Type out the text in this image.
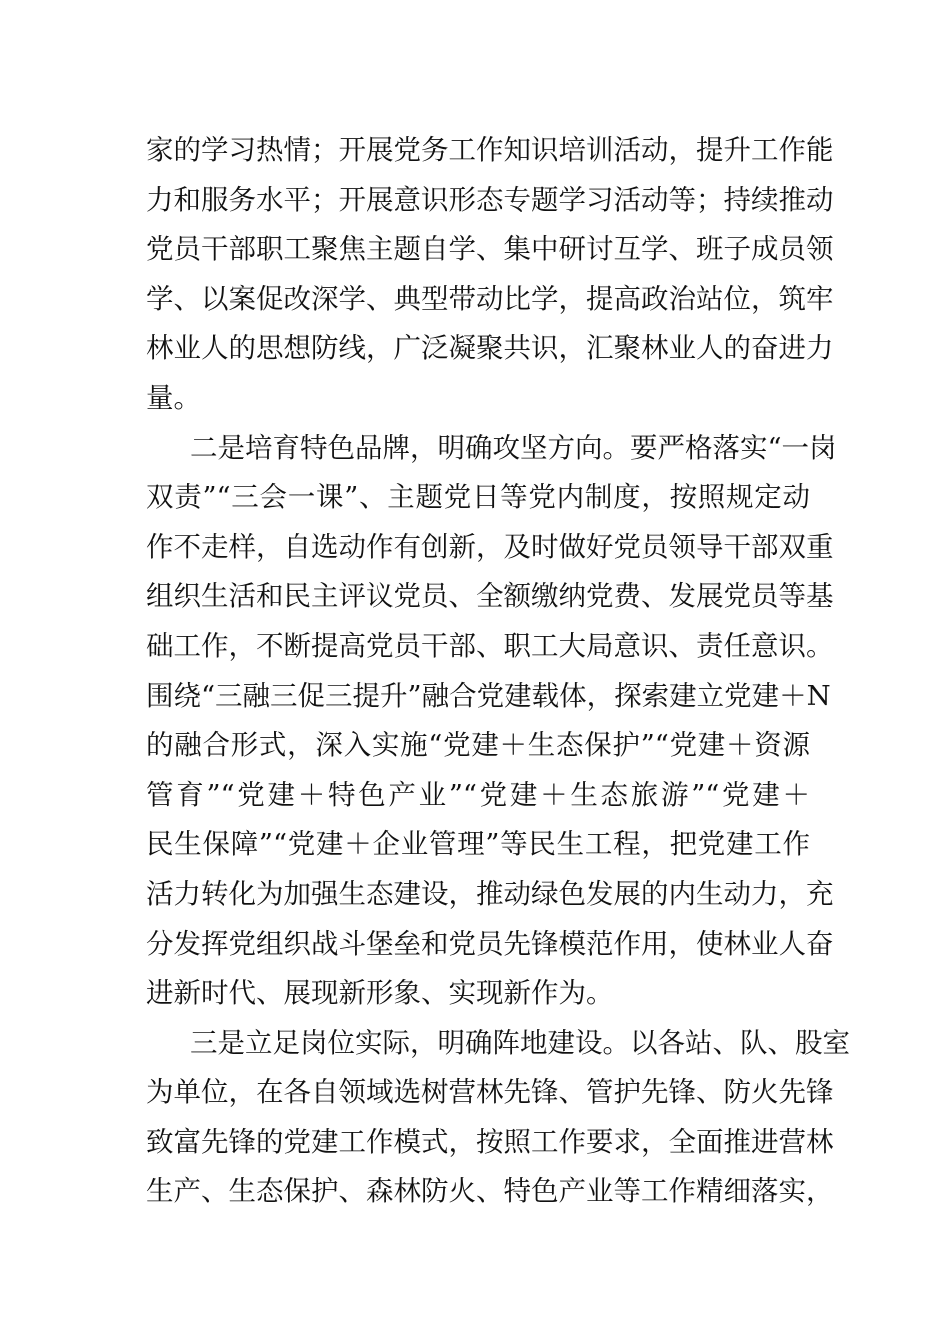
家的学习热情；开展党务工作知识培训活动，提升工作能
力和服务水平；开展意识形态专题学习活动等；持续推动
党员干部职工聚焦主题自学、集中研讨互学、班子成员领
学、以案促改深学、典型带动比学，提高政治站位，筑牢
林业人的思想防线，广泛凝聚共识，汇聚林业人的奋进力
量。
二是培育特色品牌，明确攻坚方向。要严格落实“一岗
双责”“三会一课”、主题党日等党内制度，按照规定动
作不走样，自选动作有创新，及时做好党员领导干部双重
组织生活和民主评议党员、全额缴纳党费、发展党员等基
础工作，不断提高党员干部、职工大局意识、责任意识。
围绕“三融三促三提升”融合党建载体，探索建立党建＋N
的融合形式，深入实施“党建＋生态保护”“党建＋资源
管育”“党建＋特色产业”“党建＋生态旅游”“党建＋
民生保障”“党建＋企业管理”等民生工程，把党建工作
活力转化为加强生态建设，推动绿色发展的内生动力，充
分发挥党组织战斗堡垒和党员先锋模范作用，使林业人奋
进新时代、展现新形象、实现新作为。
三是立足岗位实际，明确阵地建设。以各站、队、股室
为单位，在各自领域选树营林先锋、管护先锋、防火先锋
致富先锋的党建工作模式，按照工作要求，全面推进营林
生产、生态保护、森林防火、特色产业等工作精细落实，
